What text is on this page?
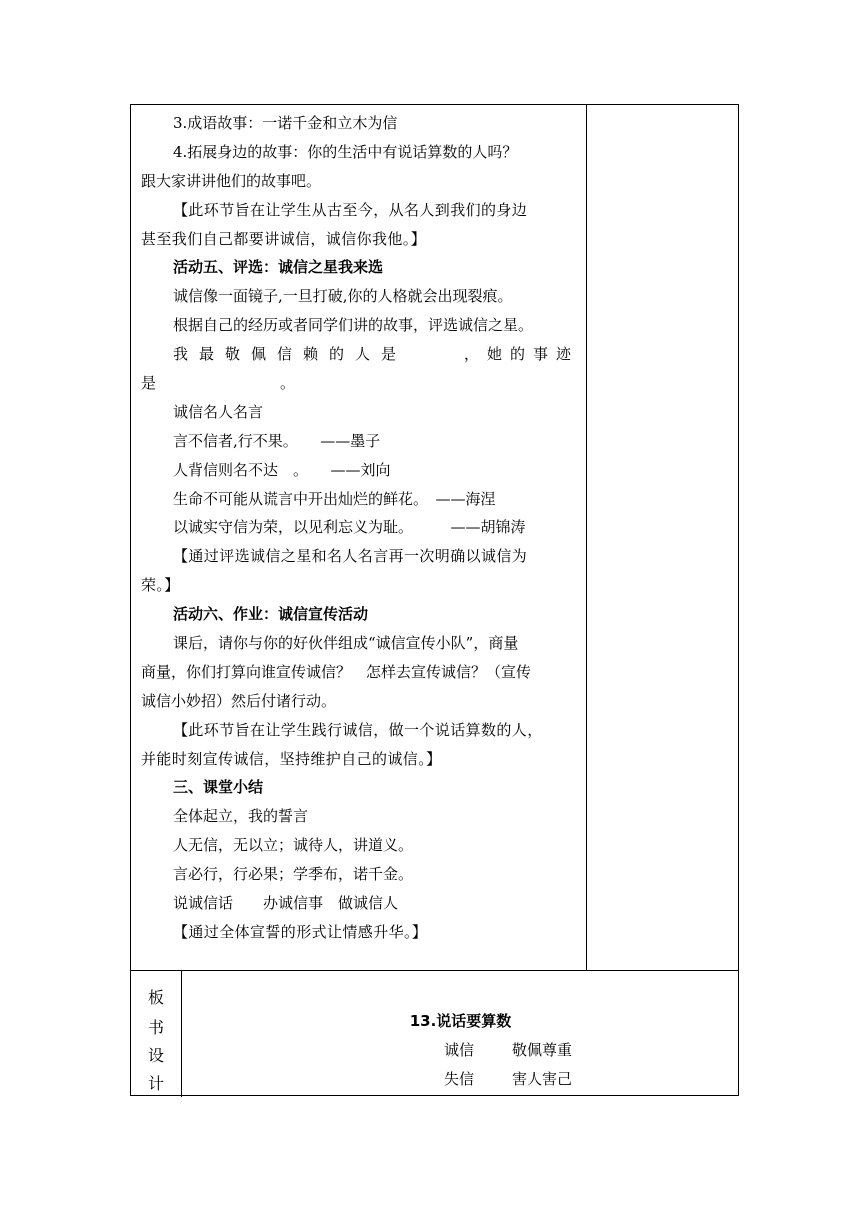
3.成语故事：一诺千金和立木为信
4.拓展身边的故事：你的生活中有说话算数的人吗？
跟大家讲讲他们的故事吧。
【此环节旨在让学生从古至今，从名人到我们的身边
甚至我们自己都要讲诚信，诚信你我他。】
活动五、评选：诚信之星我来选
诚信像一面镜子,一旦打破,你的人格就会出现裂痕。
根据自己的经历或者同学们讲的故事，评选诚信之星。
我最敬佩信赖的人是	，她的事迹
是	。
诚信名人名言
言不信者,行不果。　　——墨子
人背信则名不达　。　　——刘向
生命不可能从谎言中开出灿烂的鲜花。　——海涅
以诚实守信为荣，以见利忘义为耻。　　　——胡锦涛
【通过评选诚信之星和名人名言再一次明确以诚信为
荣。】
活动六、作业：诚信宣传活动
课后，请你与你的好伙伴组成“诚信宣传小队”，商量
商量，你们打算向谁宣传诚信？　怎样去宣传诚信？（宣传
诚信小妙招）然后付诸行动。
【此环节旨在让学生践行诚信，做一个说话算数的人，
并能时刻宣传诚信，坚持维护自己的诚信。】
三、课堂小结
全体起立，我的誓言
人无信，无以立；诚待人，讲道义。
言必行，行必果；学季布，诺千金。
说诚信话　　办诚信事　做诚信人
【通过全体宣誓的形式让情感升华。】
板
书
设
计
13.说话要算数
诚信	敬佩尊重
失信	害人害己
